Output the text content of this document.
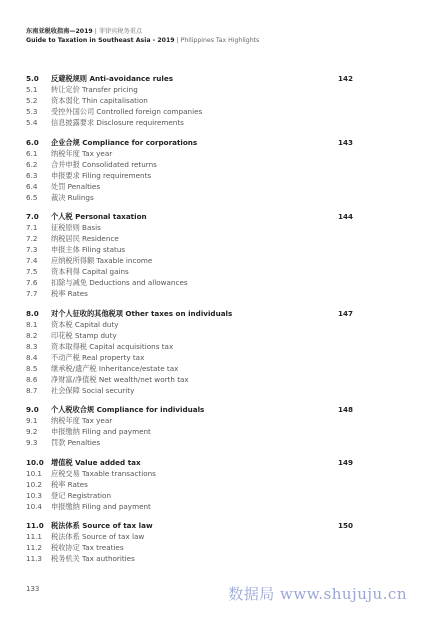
东南亚税收指南—2019 | 菲律宾税务重点
Guide to Taxation in Southeast Asia - 2019 | Philippines Tax Highlights
5.0 反避税规则 Anti-avoidance rules	142
5.1 转让定价 Transfer pricing
5.2 资本弱化 Thin capitalisation
5.3 受控外国公司 Controlled foreign companies
5.4 信息披露要求 Disclosure requirements
6.0 企业合规 Compliance for corporations	143
6.1 纳税年度 Tax year
6.2 合并申报 Consolidated returns
6.3 申报要求 Filing requirements
6.4 处罚 Penalties
6.5 裁决 Rulings
7.0 个人税 Personal taxation	144
7.1 征税原则 Basis
7.2 纳税居民 Residence
7.3 申报主体 Filing status
7.4 应纳税所得额 Taxable income
7.5 资本利得 Capital gains
7.6 扣除与减免 Deductions and allowances
7.7 税率 Rates
8.0 对个人征收的其他税项 Other taxes on individuals	147
8.1 资本税 Capital duty
8.2 印花税 Stamp duty
8.3 资本取得税 Capital acquisitions tax
8.4 不动产税 Real property tax
8.5 继承税/遗产税 Inheritance/estate tax
8.6 净财富/净值税 Net wealth/net worth tax
8.7 社会保障 Social security
9.0 个人税收合规 Compliance for individuals	148
9.1 纳税年度 Tax year
9.2 申报缴纳 Filing and payment
9.3 罚款 Penalties
10.0 增值税 Value added tax	149
10.1 应税交易 Taxable transactions
10.2 税率 Rates
10.3 登记 Registration
10.4 申报缴纳 Filing and payment
11.0 税法体系 Source of tax law	150
11.1 税法体系 Source of tax law
11.2 税收协定 Tax treaties
11.3 税务机关 Tax authorities
133	数据局 www.shujuju.cn
